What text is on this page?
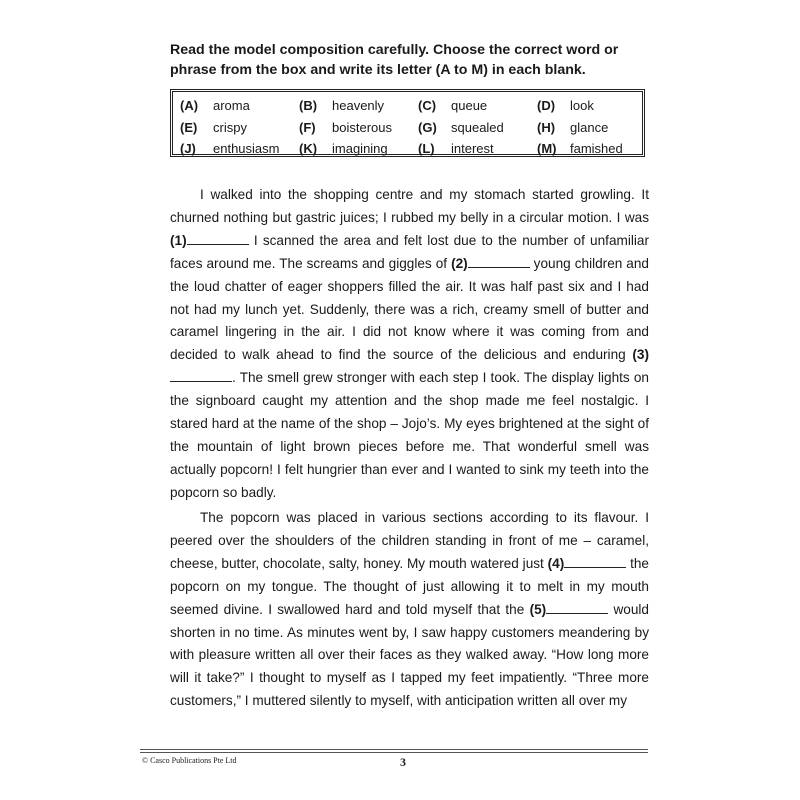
Read the model composition carefully. Choose the correct word or phrase from the box and write its letter (A to M) in each blank.
(A)	aroma	(B)	heavenly	(C)	queue	(D)	look
(E)	crispy	(F)	boisterous (G)	squealed	(H)	glance
(J)	enthusiasm (K)	imagining (L)	interest	(M)	famished

I walked into the shopping centre and my stomach started growling. It churned nothing but gastric juices; I rubbed my belly in a circular motion. I was (1)	I scanned the area and felt lost due to the number of unfamiliar faces around me. The screams and giggles of (2)	young children and the loud chatter of eager shoppers filled the air. It was half past six and I had not had my lunch yet. Suddenly, there was a rich, creamy smell of butter and caramel lingering in the air. I did not know where it was coming from and decided to walk ahead to find the source of the delicious and enduring (3). The smell grew stronger with each step I took. The display lights on the signboard caught my attention and the shop made me feel nostalgic. I stared hard at the name of the shop – Jojo’s. My eyes brightened at the sight of the mountain of light brown pieces before me. That wonderful smell was actually popcorn! I felt hungrier than ever and I wanted to sink my teeth into the popcorn so badly.

The popcorn was placed in various sections according to its flavour. I peered over the shoulders of the children standing in front of me – caramel, cheese, butter, chocolate, salty, honey. My mouth watered just (4)	the popcorn on my tongue. The thought of just allowing it to melt in my mouth seemed divine. I swallowed hard and told myself that the (5)	would shorten in no time. As minutes went by, I saw happy customers meandering by with pleasure written all over their faces as they walked away. “How long more will it take?” I thought to myself as I tapped my feet impatiently. “Three more customers,” I muttered silently to myself, with anticipation written all over my

© Casco Publications Pte Ltd	3
